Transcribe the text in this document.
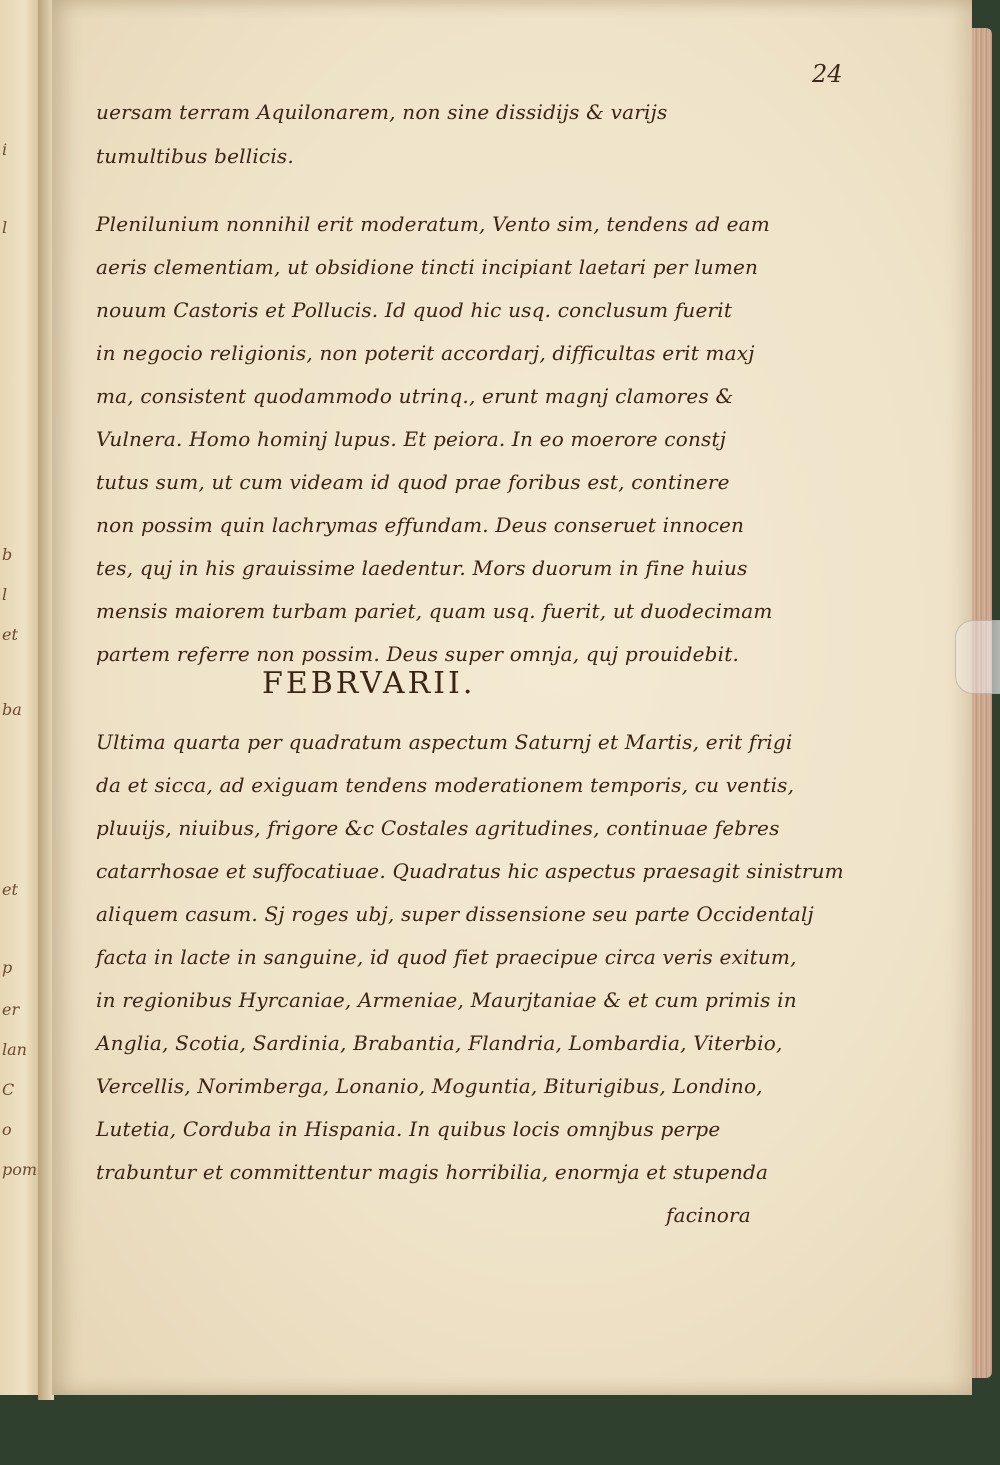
i
l
b
l
et
ba
et
p
er
lan
C
o
pom
24
uersam terram Aquilonarem, non sine dissidijs & varijs
tumultibus bellicis.
Plenilunium nonnihil erit moderatum, Vento sim, tendens ad eam
aeris clementiam, ut obsidione tincti incipiant laetari per lumen
nouum Castoris et Pollucis. Id quod hic usq. conclusum fuerit
in negocio religionis, non poterit accordarj, difficultas erit maxj
ma, consistent quodammodo utrinq., erunt magnj clamores &
Vulnera. Homo hominj lupus. Et peiora. In eo moerore constj
tutus sum, ut cum videam id quod prae foribus est, continere
non possim quin lachrymas effundam. Deus conseruet innocen
tes, quj in his grauissime laedentur. Mors duorum in fine huius
mensis maiorem turbam pariet, quam usq. fuerit, ut duodecimam
partem referre non possim. Deus super omnja, quj prouidebit.
Ultima quarta per quadratum aspectum Saturnj et Martis, erit frigi
da et sicca, ad exiguam tendens moderationem temporis, cu ventis,
pluuijs, niuibus, frigore &c Costales agritudines, continuae febres
catarrhosae et suffocatiuae. Quadratus hic aspectus praesagit sinistrum
aliquem casum. Sj roges ubj, super dissensione seu parte Occidentalj
facta in lacte in sanguine, id quod fiet praecipue circa veris exitum,
in regionibus Hyrcaniae, Armeniae, Maurjtaniae & et cum primis in
Anglia, Scotia, Sardinia, Brabantia, Flandria, Lombardia, Viterbio,
Vercellis, Norimberga, Lonanio, Moguntia, Biturigibus, Londino,
Lutetia, Corduba in Hispania. In quibus locis omnjbus perpe
trabuntur et committentur magis horribilia, enormja et stupenda
facinora
FEBRVARII.
